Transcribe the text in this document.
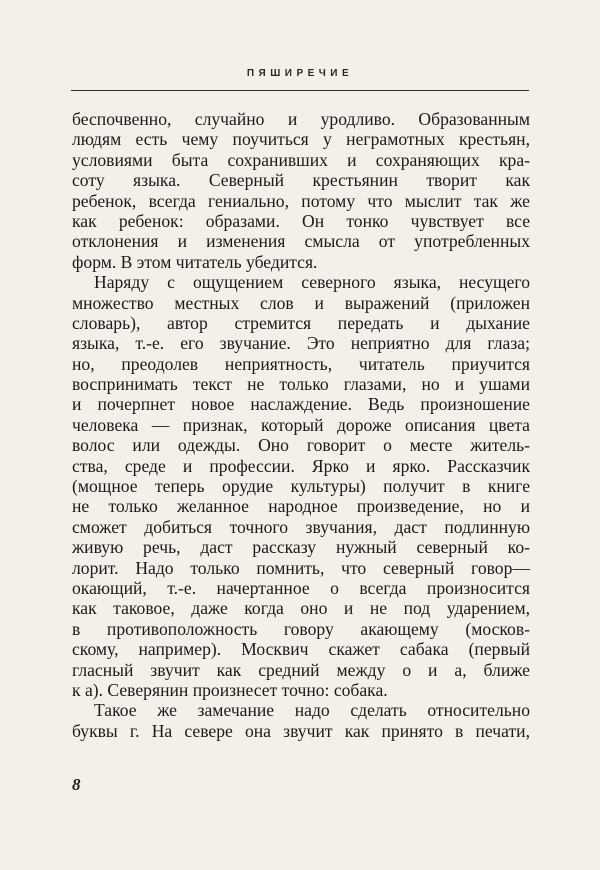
ПЯШИРЕЧИЕ
беспочвенно, случайно и уродливо. Образованным
людям есть чему поучиться у неграмотных крестьян,
условиями быта сохранивших и сохраняющих кра-
соту языка. Северный крестьянин творит как
ребенок, всегда гениально, потому что мыслит так же
как ребенок: образами. Он тонко чувствует все
отклонения и изменения смысла от употребленных
форм. В этом читатель убедится.
Наряду с ощущением северного языка, несущего
множество местных слов и выражений (приложен
словарь), автор стремится передать и дыхание
языка, т.-е. его звучание. Это неприятно для глаза;
но, преодолев неприятность, читатель приучится
воспринимать текст не только глазами, но и ушами
и почерпнет новое наслаждение. Ведь произношение
человека — признак, который дороже описания цвета
волос или одежды. Оно говорит о месте житель-
ства, среде и професcии. Ярко и ярко. Рассказчик
(мощное теперь орудие культуры) получит в книге
не только желанное народное произведение, но и
сможет добиться точного звучания, даст подлинную
живую речь, даст рассказу нужный северный ко-
лорит. Надо только помнить, что северный говор—
окающий, т.-е. начертанное о всегда произносится
как таковое, даже когда оно и не под ударением,
в противоположность говору акающему (москов-
скому, например). Москвич скажет сабака (первый
гласный звучит как средний между о и а, ближе
к а). Северянин произнесет точно: собака.
Такое же замечание надо сделать относительно
буквы г. На севере она звучит как принято в печати,
8
